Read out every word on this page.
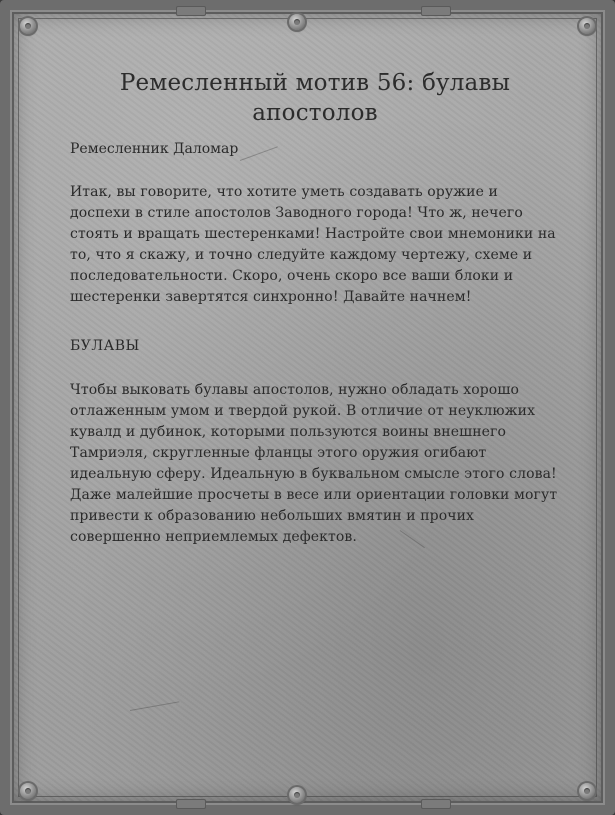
Ремесленный мотив 56: булавы апостолов

Ремесленник Даломар

Итак, вы говорите, что хотите уметь создавать оружие и доспехи в стиле апостолов Заводного города! Что ж, нечего стоять и вращать шестеренками! Настройте свои мнемоники на то, что я скажу, и точно следуйте каждому чертежу, схеме и последовательности. Скоро, очень скоро все ваши блоки и шестеренки завертятся синхронно! Давайте начнем!

БУЛАВЫ

Чтобы выковать булавы апостолов, нужно обладать хорошо отлаженным умом и твердой рукой. В отличие от неуклюжих кувалд и дубинок, которыми пользуются воины внешнего Тамриэля, скругленные фланцы этого оружия огибают идеальную сферу. Идеальную в буквальном смысле этого слова! Даже малейшие просчеты в весе или ориентации головки могут привести к образованию небольших вмятин и прочих совершенно неприемлемых дефектов.
